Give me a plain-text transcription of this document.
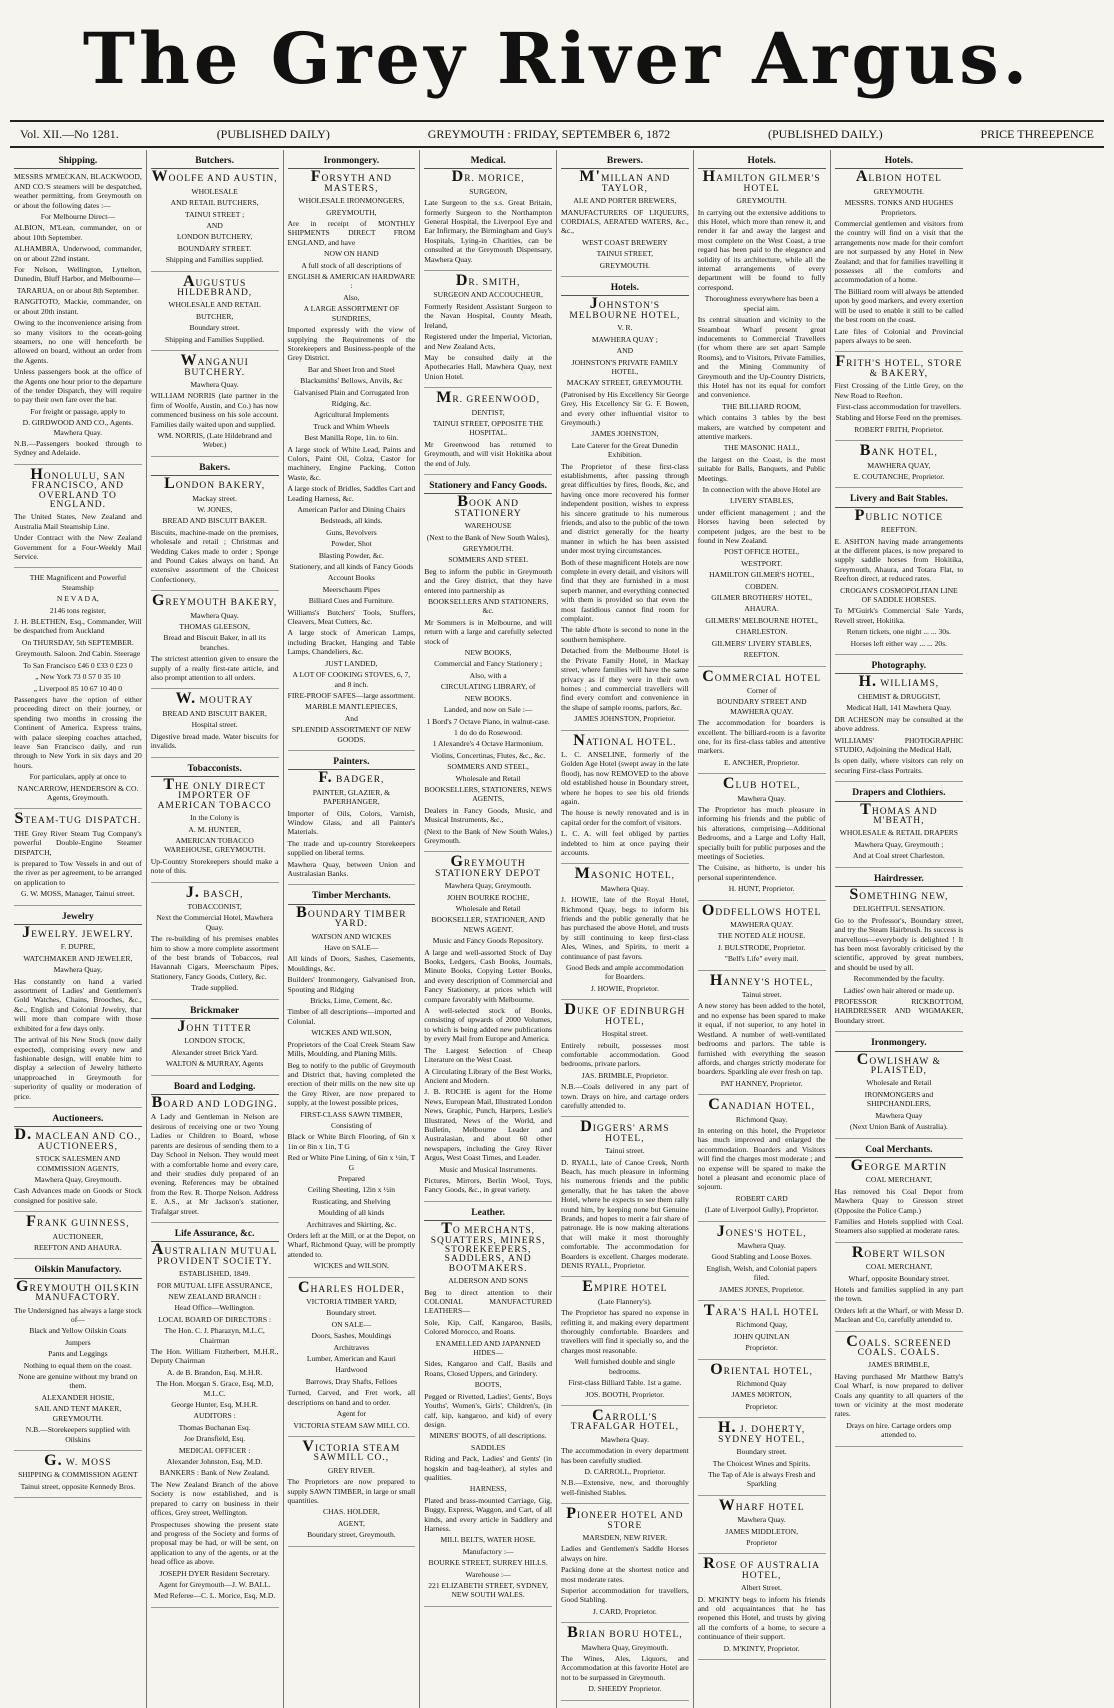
The Grey River Argus.
Vol. XII.—No 1281.	(PUBLISHED DAILY)	GREYMOUTH : FRIDAY, SEPTEMBER 6, 1872	(PUBLISHED DAILY.)	PRICE THREEPENCE
Shipping.

MESSRS M'MECKAN, BLACKWOOD, AND CO.'S steamers will be despatched, weather permitting, from Greymouth on or about the following dates :—

For Melbourne Direct—

ALBION, M'Lean, commander, on or about 10th September.

ALHAMBRA, Underwood, commander, on or about 22nd instant.

For Nelson, Wellington, Lyttelton, Dunedin, Bluff Harbor, and Melbourne—

TARARUA, on or about 8th September.

RANGITOTO, Mackie, commander, on or about 20th instant.

Owing to the inconvenience arising from so many visitors to the ocean-going steamers, no one will henceforth be allowed on board, without an order from the Agents.

Unless passengers book at the office of the Agents one hour prior to the departure of the tender Dispatch, they will require to pay their own fare over the bar.

For freight or passage, apply to

D. GIRDWOOD AND CO., Agents. Mawhera Quay.

N.B.—Passengers booked through to Sydney and Adelaide.

HONOLULU, SAN FRANCISCO, AND OVERLAND TO ENGLAND.

The United States, New Zealand and Australia Mail Steamship Line.

Under Contract with the New Zealand Government for a Four-Weekly Mail Service.

THE Magnificent and Powerful Steamship

N E V A D A,

2146 tons register,

J. H. BLETHEN, Esq., Commander, Will be despatched from Auckland

On THURSDAY, 5th SEPTEMBER.

Greymouth. Saloon. 2nd Cabin. Steerage

To San Francisco £46 0 £33 0 £23 0

„ New York 73 0 57 0 35 10

„ Liverpool 85 10 67 10 40 0

Passengers have the option of either proceeding direct on their journey, or spending two months in crossing the Continent of America. Express trains, with palace sleeping coaches attached, leave San Francisco daily, and run through to New York in six days and 20 hours.

For particulars, apply at once to

NANCARROW, HENDERSON & CO. Agents, Greymouth.

STEAM-TUG DISPATCH.

THE Grey River Steam Tug Company's powerful Double-Engine Steamer DISPATCH,

is prepared to Tow Vessels in and out of the river as per agreement, to be arranged on application to

G. W. MOSS, Manager, Tainui street.

Jewelry
JEWELRY. JEWELRY.

F. DUPRE,

WATCHMAKER AND JEWELER,

Mawhera Quay,

Has constantly on hand a varied assortment of Ladies' and Gentlemen's Gold Watches, Chains, Brooches, &c., &c., English and Colonial Jewelry, that will more than compare with those exhibited for a few days only.

The arrival of his New Stock (now daily expected), comprising every new and fashionable design, will enable him to display a selection of Jewelry hitherto unapproached in Greymouth for superiority of quality or moderation of price.

Auctioneers.
D. MACLEAN AND CO., AUCTIONEERS,

STOCK SALESMEN AND COMMISSION AGENTS,

Mawhera Quay, Greymouth.

Cash Advances made on Goods or Stock consigned for positive sale.

FRANK GUINNESS,

AUCTIONEER,

REEFTON AND AHAURA.

Oilskin Manufactory.
GREYMOUTH OILSKIN MANUFACTORY.

The Undersigned has always a large stock of—

Black and Yellow Oilskin Coats

Jumpers

Pants and Leggings

Nothing to equal them on the coast.

None are genuine without my brand on them.

ALEXANDER HOSIE,

SAIL AND TENT MAKER, GREYMOUTH.

N.B.—Storekeepers supplied with Oilskins

G. W. MOSS

SHIPPING & COMMISSION AGENT

Tainui street, opposite Kennedy Bros.

Butchers.
WOOLFE AND AUSTIN,

WHOLESALE

AND RETAIL BUTCHERS,

TAINUI STREET ;

AND

LONDON BUTCHERY,

BOUNDARY STREET.

Shipping and Families supplied.

AUGUSTUS HILDEBRAND,

WHOLESALE AND RETAIL

BUTCHER,

Boundary street.

Shipping and Families Supplied.

WANGANUI BUTCHERY.

Mawhera Quay.

WILLIAM NORRIS (late partner in the firm of Woolfe, Austin, and Co.) has now commenced business on his sole account. Families daily waited upon and supplied.

WM. NORRIS, (Late Hildebrand and Weber.)

Bakers.
LONDON BAKERY,

Mackay street.

W. JONES,

BREAD AND BISCUIT BAKER.

Biscuits, machine-made on the premises, wholesale and retail ; Christmas and Wedding Cakes made to order ; Sponge and Pound Cakes always on hand. An extensive assortment of the Choicest Confectionery.

GREYMOUTH BAKERY,

Mawhera Quay.

THOMAS GLEESON,

Bread and Biscuit Baker, in all its branches.

The strictest attention given to ensure the supply of a really first-rate article, and also prompt attention to all orders.

W. MOUTRAY

BREAD AND BISCUIT BAKER,

Hospital street.

Digestive bread made. Water biscuits for invalids.

Tobacconists.
THE ONLY DIRECT IMPORTER OF AMERICAN TOBACCO

In the Colony is

A. M. HUNTER,

AMERICAN TOBACCO WAREHOUSE, GREYMOUTH.

Up-Country Storekeepers should make a note of this.

J. BASCH,

TOBACCONIST,

Next the Commercial Hotel, Mawhera Quay.

The re-building of his premises enables him to show a more complete assortment of the best brands of Tobaccos, real Havannah Cigars, Meerschaum Pipes, Stationery, Fancy Goods, Cutlery, &c.

Trade supplied.

Brickmaker
JOHN TITTER

LONDON STOCK,

Alexander street Brick Yard.

WALTON & MURRAY, Agents

Board and Lodging.
BOARD AND LODGING.

A Lady and Gentleman in Nelson are desirous of receiving one or two Young Ladies or Children to Board, whose parents are desirous of sending them to a Day School in Nelson. They would meet with a comfortable home and every care, and their studies duly prepared of an evening. References may be obtained from the Rev. R. Thorpe Nelson. Address E. A.S., at Mr Jackson's stationer, Trafalgar street.

Life Assurance, &c.
AUSTRALIAN MUTUAL PROVIDENT SOCIETY.

ESTABLISHED, 1849.

FOR MUTUAL LIFE ASSURANCE,

NEW ZEALAND BRANCH :

Head Office—Wellington.

LOCAL BOARD OF DIRECTORS :

The Hon. C. J. Pharazyn, M.L.C, Chairman

The Hon. William Fitzherbert, M.H.R., Deputy Chairman

A. de B. Brandon, Esq. M.H.R.

The Hon. Morgan S. Grace, Esq, M.D, M.L.C.

George Hunter, Esq, M.H.R.

AUDITORS :

Thomas Buchanan Esq.

Joe Dransfield, Esq.

MEDICAL OFFICER :

Alexander Johnston, Esq, M.D.

BANKERS : Bank of New Zealand.

The New Zealand Branch of the above Society is now established, and is prepared to carry on business in their offices, Grey street, Wellington.

Prospectuses showing the present state and progress of the Society and forms of proposal may be had, or will be sent, on application to any of the agents, or at the head office as above.

JOSEPH DYER Resident Secretary.

Agent for Greymouth—J. W. BALL.

Med Referee—C. L. Morice, Esq, M.D.

Ironmongery.
FORSYTH AND MASTERS,

WHOLESALE IRONMONGERS,

GREYMOUTH,

Are in receipt of MONTHLY SHIPMENTS DIRECT FROM ENGLAND, and have

NOW ON HAND

A full stock of all descriptions of

ENGLISH & AMERICAN HARDWARE :

Also,

A LARGE ASSORTMENT OF SUNDRIES,

Imported expressly with the view of supplying the Requirements of the Storekeepers and Business-people of the Grey District.

Bar and Sheet Iron and Steel

Blacksmiths' Bellows, Anvils, &c

Galvanised Plain and Corrugated Iron

Ridging, &c.

Agricultural Implements

Truck and Whim Wheels

Best Manilla Rope, 1in. to 6in.

A large stock of White Lead, Paints and Colors, Paint Oil, Colza, Castor for machinery, Engine Packing, Cotton Waste, &c.

A large stock of Bridles, Saddles Cart and Leading Harness, &c.

American Parlor and Dining Chairs

Bedsteads, all kinds.

Guns, Revolvers

Powder, Shot

Blasting Powder, &c.

Stationery, and all kinds of Fancy Goods

Account Books

Meerschaum Pipes

Billiard Cues and Furniture.

Williams's Butchers' Tools, Stuffers, Cleavers, Meat Cutters, &c.

A large stock of American Lamps, including Bracket, Hanging and Table Lamps, Chandeliers, &c.

JUST LANDED,

A LOT OF COOKING STOVES, 6, 7, and 8 inch.

FIRE-PROOF SAFES—large assortment.

MARBLE MANTLEPIECES,

And

SPLENDID ASSORTMENT OF NEW GOODS.

Painters.
F. BADGER,

PAINTER, GLAZIER, & PAPERHANGER,

Importer of Oils, Colors, Varnish, Window Glass, and all Painter's Materials.

The trade and up-country Storekeepers supplied on liberal terms.

Mawhera Quay, between Union and Australasian Banks.

Timber Merchants.
BOUNDARY TIMBER YARD.

WATSON AND WICKES

Have on SALE—

All kinds of Doors, Sashes, Casements, Mouldings, &c.

Builders' Ironmongery, Galvanised Iron, Spouting and Ridging

Bricks, Lime, Cement, &c.

Timber of all descriptions—imported and Colonial.

WICKES AND WILSON,

Proprietors of the Coal Creek Steam Saw Mills, Moulding, and Planing Mills.

Beg to notify to the public of Greymouth and District that, having completed the erection of their mills on the new site up the Grey River, are now prepared to supply, at the lowest possible prices,

FIRST-CLASS SAWN TIMBER,

Consisting of

Black or White Birch Flooring, of 6in x 1in or 8in x 1in, T G

Red or White Pine Lining, of 6in x ½in, T G

Prepared

Ceiling Sheeting, 12in x ½in

Rusticating, and Shelving

Moulding of all kinds

Architraves and Skirting, &c.

Orders left at the Mill, or at the Depot, on Wharf, Richmond Quay, will be promptly attended to.

WICKES and WILSON.

CHARLES HOLDER,

VICTORIA TIMBER YARD,

Boundary street.

ON SALE—

Doors, Sashes, Mouldings

Architraves

Lumber, American and Kauri

Hardwood

Barrows, Dray Shafts, Felloes

Turned, Carved, and Fret work, all descriptions on hand and to order.

Agent for

VICTORIA STEAM SAW MILL CO.

VICTORIA STEAM SAWMILL CO.,

GREY RIVER.

The Proprietors are now prepared to supply SAWN TIMBER, in large or small quantities.

CHAS. HOLDER,

AGENT,

Boundary street, Greymouth.

Medical.
DR. MORICE,

SURGEON,

Late Surgeon to the s.s. Great Britain, formerly Surgeon to the Northampton General Hospital, the Liverpool Eye and Ear Infirmary, the Birmingham and Guy's Hospitals, Lying-in Charities, can be consulted at the Greymouth Dispensary, Mawhera Quay.

DR. SMITH,

SURGEON AND ACCOUCHEUR,

Formerly Resident Assistant Surgeon to the Navan Hospital, County Meath, Ireland,

Registered under the Imperial, Victorian, and New Zealand Acts,

May be consulted daily at the Apothecaries Hall, Mawhera Quay, next Union Hotel.

MR. GREENWOOD,

DENTIST,

TAINUI STREET, OPPOSITE THE HOSPITAL.

Mr Greenwood has returned to Greymouth, and will visit Hokitika about the end of July.

Stationery and Fancy Goods.
BOOK AND STATIONERY

WAREHOUSE

(Next to the Bank of New South Wales),

GREYMOUTH.

SOMMERS AND STEEL

Beg to inform the public in Greymouth and the Grey district, that they have entered into partnership as

BOOKSELLERS AND STATIONERS, &c.

Mr Sommers is in Melbourne, and will return with a large and carefully selected stock of

NEW BOOKS,

Commercial and Fancy Stationery ;

Also, with a

CIRCULATING LIBRARY, of

NEW BOOKS.

Landed, and now on Sale :—

1 Bord's 7 Octave Piano, in walnut-case.

1 do do do Rosewood.

1 Alexandre's 4 Octave Harmonium.

Violins, Concertinas, Flutes, &c., &c.

SOMMERS AND STEEL,

Wholesale and Retail

BOOKSELLERS, STATIONERS, NEWS AGENTS,

Dealers in Fancy Goods, Music, and Musical Instruments, &c.,

(Next to the Bank of New South Wales,) Greymouth.

GREYMOUTH STATIONERY DEPOT

Mawhera Quay, Greymouth.

JOHN BOURKE ROCHE,

Wholesale and Retail

BOOKSELLER, STATIONER, AND NEWS AGENT.

Music and Fancy Goods Repository.

A large and well-assorted Stock of Day Books, Ledgers, Cash Books, Journals, Minute Books, Copying Letter Books, and every description of Commercial and Fancy Stationery, at prices which will compare favorably with Melbourne.

A well-selected stock of Books, consisting of upwards of 2000 Volumes, to which is being added new publications by every Mail from Europe and America.

The Largest Selection of Cheap Literature on the West Coast.

A Circulating Library of the Best Works, Ancient and Modern.

J. B. ROCHE is agent for the Home News, European Mail, Illustrated London News, Graphic, Punch, Harpers, Leslie's Illustrated, News of the World, and Bulletin, Melbourne Leader and Australasian, and about 60 other newspapers, including the Grey River Argus, West Coast Times, and Leader.

Music and Musical Instruments.

Pictures, Mirrors, Berlin Wool, Toys, Fancy Goods, &c., in great variety.

Leather.
TO MERCHANTS, SQUATTERS, MINERS, STOREKEEPERS, SADDLERS, AND BOOTMAKERS.

ALDERSON AND SONS

Beg to direct attention to their COLONIAL MANUFACTURED LEATHERS—

Sole, Kip, Calf, Kangaroo, Basils, Colored Morocco, and Roans.

ENAMELLED AND JAPANNED HIDES—

Sides, Kangaroo and Calf, Basils and Roans, Closed Uppers, and Grindery.

BOOTS,

Pegged or Rivetted, Ladies', Gents', Boys Youths', Women's, Girls', Children's, (in calf, kip, kangaroo, and kid) of every design.

MINERS' BOOTS, of all descriptions.

SADDLES

Riding and Pack, Ladies' and Gents' (in hogskin and bag-leather), al styles and qualities.

HARNESS,

Plated and brass-mounted Carriage, Gig, Buggy, Express, Waggon, and Cart, of all kinds, and every article in Saddlery and Harness.

MILL BELTS, WATER HOSE.

Manufactory :—

BOURKE STREET, SURREY HILLS.

Warehouse :—

221 ELIZABETH STREET, SYDNEY, NEW SOUTH WALES.

Brewers.
M'MILLAN AND TAYLOR,

ALE AND PORTER BREWERS,

MANUFACTURERS OF LIQUEURS, CORDIALS, AERATED WATERS, &c., &c.,

WEST COAST BREWERY

TAINUI STREET,

GREYMOUTH.

Hotels.
JOHNSTON'S MELBOURNE HOTEL,

V. R.

MAWHERA QUAY ;

AND

JOHNSTON'S PRIVATE FAMILY HOTEL,

MACKAY STREET, GREYMOUTH.

(Patronised by His Excellency Sir George Grey, His Excellency Sir G. F. Bowen, and every other influential visitor to Greymouth.)

JAMES JOHNSTON,

Late Caterer for the Great Dunedin Exhibition.

The Proprietor of these first-class establishments, after passing through great difficulties by fires, floods, &c, and having once more recovered his former independent position, wishes to express his sincere gratitude to his numerous friends, and also to the public of the town and district generally for the hearty manner in which he has been assisted under most trying circumstances.

Both of these magnificent Hotels are now complete in every detail, and visitors will find that they are furnished in a most superb manner, and everything connected with them is provided so that even the most fastidious cannot find room for complaint.

The table d'hote is second to none in the southern hemisphere.

Detached from the Melbourne Hotel is the Private Family Hotel, in Mackay street, where families will have the same privacy as if they were in their own homes ; and commercial travellers will find every comfort and convenience in the shape of sample rooms, parlors, &c.

JAMES JOHNSTON, Proprietor.

NATIONAL HOTEL.

L. C. ANSELINE, formerly of the Golden Age Hotel (swept away in the late flood), has now REMOVED to the above old established house in Boundary street, where he hopes to see his old friends again.

The house is newly renovated and is in capital order for the comfort of visitors.

L. C. A. will feel obliged by parties indebted to him at once paying their accounts.

MASONIC HOTEL,

Mawhera Quay.

J. HOWIE, late of the Royal Hotel, Richmond Quay, begs to inform his friends and the public generally that he has purchased the above Hotel, and trusts by still continuing to keep first-class Ales, Wines, and Spirits, to merit a continuance of past favors.

Good Beds and ample accommodation for Boarders.

J. HOWIE, Proprietor.

DUKE OF EDINBURGH HOTEL,

Hospital street.

Entirely rebuilt, possesses most comfortable accommodation. Good bedrooms, private parlors.

JAS. BRIMBLE, Proprietor.

N.B.—Coals delivered in any part of town. Drays on hire, and cartage orders carefully attended to.

DIGGERS' ARMS HOTEL,

Tainui street.

D. RYALL, late of Canoe Creek, North Beach, has much pleasure in informing his numerous friends and the public generally, that he has taken the above Hotel, where he expects to see them rally round him, by keeping none but Genuine Brands, and hopes to merit a fair share of patronage. He is now making alterations that will make it most thoroughly comfortable. The accommodation for Boarders is excellent. Charges moderate. DENIS RYALL, Proprietor.

EMPIRE HOTEL

(Late Flannery's).

The Proprietor has spared no expense in refitting it, and making every department thoroughly comfortable. Boarders and travellers will find it specially so, and the charges most reasonable.

Well furnished double and single bedrooms.

First-class Billiard Table. 1st a game.

JOS. BOOTH, Proprietor.

CARROLL'S TRAFALGAR HOTEL,

Mawhera Quay.

The accommodation in every department has been carefully studied.

D. CARROLL, Proprietor.

N.B.—Extensive, new, and thoroughly well-finished Stables.

PIONEER HOTEL AND STORE

MARSDEN, NEW RIVER.

Ladies and Gentlemen's Saddle Horses always on hire.

Packing done at the shortest notice and most moderate rates.

Superior accommodation for travellers, Good Stabling.

J. CARD, Proprietor.

BRIAN BORU HOTEL,

Mawhera Quay, Greymouth.

The Wines, Ales, Liquors, and Accommodation at this favorite Hotel are not to be surpassed in Greymouth.

D. SHEEDY Proprietor.

Hotels.
HAMILTON GILMER'S HOTEL

GREYMOUTH.

In carrying out the extensive additions to this Hotel, which more than renew it, and render it far and away the largest and most complete on the West Coast, a true regard has been paid to the elegance and solidity of its architecture, while all the internal arrangements of every department will be found to fully correspond.

Thoroughness everywhere has been a special aim.

Its central situation and vicinity to the Steamboat Wharf present great inducements to Commercial Travellers (for whom there are set apart Sample Rooms), and to Visitors, Private Families, and the Mining Community of Greymouth and the Up-Country Districts, this Hotel has not its equal for comfort and convenience.

THE BILLIARD ROOM,

which contains 3 tables by the best makers, are watched by competent and attentive markers.

THE MASONIC HALL,

the largest on the Coast, is the most suitable for Balls, Banquets, and Public Meetings.

In connection with the above Hotel are

LIVERY STABLES,

under efficient management ; and the Horses having been selected by competent judges, are the best to be found in New Zealand.

POST OFFICE HOTEL,

WESTPORT.

HAMILTON GILMER'S HOTEL,

COBDEN.

GILMER BROTHERS' HOTEL,

AHAURA.

GILMERS' MELBOURNE HOTEL,

CHARLESTON.

GILMERS' LIVERY STABLES,

REEFTON.

COMMERCIAL HOTEL

Corner of

BOUNDARY STREET AND MAWHERA QUAY.

The accommodation for boarders is excellent. The billiard-room is a favorite one, for its first-class tables and attentive markers.

E. ANCHER, Proprietor.

CLUB HOTEL,

Mawhera Quay.

The Proprietor has much pleasure in informing his friends and the public of his alterations, comprising—Additional Bedrooms, and a Large and Lofty Hall, specially built for public purposes and the meetings of Societies.

The Cuisine, as hitherto, is under his personal superintendence.

H. HUNT, Proprietor.

ODDFELLOWS HOTEL

MAWHERA QUAY.

THE NOTED ALE HOUSE.

J. BULSTRODE, Proprietor.

"Bell's Life" every mail.

HANNEY'S HOTEL,

Tainui street.

A new storey has been added to the hotel, and no expense has been spared to make it equal, if not superior, to any hotel in Westland. A number of well-ventilated bedrooms and parlors. The table is furnished with everything the season affords, and charges strictly moderate for boarders. Sparkling ale ever fresh on tap.

PAT HANNEY, Proprietor.

CANADIAN HOTEL,

Richmond Quay.

In entering on this hotel, the Proprietor has much improved and enlarged the accommodation. Boarders and Visitors will find the charges most moderate ; and no expense will be spared to make the hotel a pleasant and economic place of sojourn.

ROBERT CARD

(Late of Liverpool Gully), Proprietor.

JONES'S HOTEL,

Mawhera Quay.

Good Stabling and Loose Boxes.

English, Welsh, and Colonial papers filed.

JAMES JONES, Proprietor.

TARA'S HALL HOTEL

Richmond Quay,

JOHN QUINLAN

Proprietor.

ORIENTAL HOTEL,

Richmond Quay

JAMES MORTON,

Proprietor.

H. J. DOHERTY, SYDNEY HOTEL,

Boundary street.

The Choicest Wines and Spirits.

The Tap of Ale is always Fresh and Sparkling

WHARF HOTEL

Mawhera Quay.

JAMES MIDDLETON,

Proprietor

ROSE OF AUSTRALIA HOTEL,

Albert Street.

D. M'KINTY begs to inform his friends and old acquaintances that he has reopened this Hotel, and trusts by giving all the comforts of a home, to secure a continuance of their support.

D. M'KINTY, Proprietor.

Hotels.
ALBION HOTEL

GREYMOUTH.

MESSRS. TONKS AND HUGHES Proprietors.

Commercial gentlemen and visitors from the country will find on a visit that the arrangements now made for their comfort are not surpassed by any Hotel in New Zealand; and that for families travelling it possesses all the comforts and accommodation of a home.

The Billiard room will always be attended upon by good markers, and every exertion will be used to enable it still to be called the best room on the coast.

Late files of Colonial and Provincial papers always to be seen.

FRITH'S HOTEL, STORE & BAKERY,

First Crossing of the Little Grey, on the New Road to Reefton.

First-class accommodation for travellers.

Stabling and Horse Feed on the premises.

ROBERT FRITH, Proprietor.

BANK HOTEL,

MAWHERA QUAY,

E. COUTANCHE, Proprietor.

Livery and Bait Stables.
PUBLIC NOTICE

REEFTON.

E. ASHTON having made arrangements at the different places, is now prepared to supply saddle horses from Hokitika, Greymouth, Ahaura, and Totara Flat, to Reefton direct, at reduced rates.

CROGAN'S COSMOPOLITAN LINE OF SADDLE HORSES.

To M'Guirk's Commercial Sale Yards, Revell street, Hokitika.

Return tickets, one night ... ... 30s.

Horses left either way ... ... 20s.

Photography.
H. WILLIAMS,

CHEMIST & DRUGGIST,

Medical Hall, 141 Mawhera Quay.

DR ACHESON may be consulted at the above address.

WILLIAMS' PHOTOGRAPHIC STUDIO, Adjoining the Medical Hall,

Is open daily, where visitors can rely on securing First-class Portraits.

Drapers and Clothiers.
THOMAS AND M'BEATH,

WHOLESALE & RETAIL DRAPERS

Mawhera Quay, Greymouth ;

And at Coal street Charleston.

Hairdresser.
SOMETHING NEW,

DELIGHTFUL SENSATION.

Go to the Professor's, Boundary street, and try the Steam Hairbrush. Its success is marvellous—everybody is delighted ! It has been most favorably criticised by the scientific, approved by great numbers, and should be used by all.

Recommended by the faculty.

Ladies' own hair altered or made up.

PROFESSOR RICKBOTTOM, HAIRDRESSER AND WIGMAKER, Boundary street.

Ironmongery.
COWLISHAW & PLAISTED,

Wholesale and Retail

IRONMONGERS and SHIPCHANDLERS,

Mawhera Quay

(Next Union Bank of Australia).

Coal Merchants.
GEORGE MARTIN

COAL MERCHANT,

Has removed his Coal Depot from Mawhera Quay to Gresson street (Opposite the Police Camp.)

Families and Hotels supplied with Coal. Steamers also supplied at moderate rates.

ROBERT WILSON

COAL MERCHANT,

Wharf, opposite Boundary street.

Hotels and families supplied in any part the town.

Orders left at the Wharf, or with Messr D. Maclean and Co, carefully attended to.

COALS. SCREENED COALS. COALS.

JAMES BRIMBLE,

Having purchased Mr Matthew Batty's Coal Wharf, is now prepared to deliver Coals any quantity to all quarters of the town or vicinity at the most moderate rates.

Drays on hire. Cartage orders omp attended to.
